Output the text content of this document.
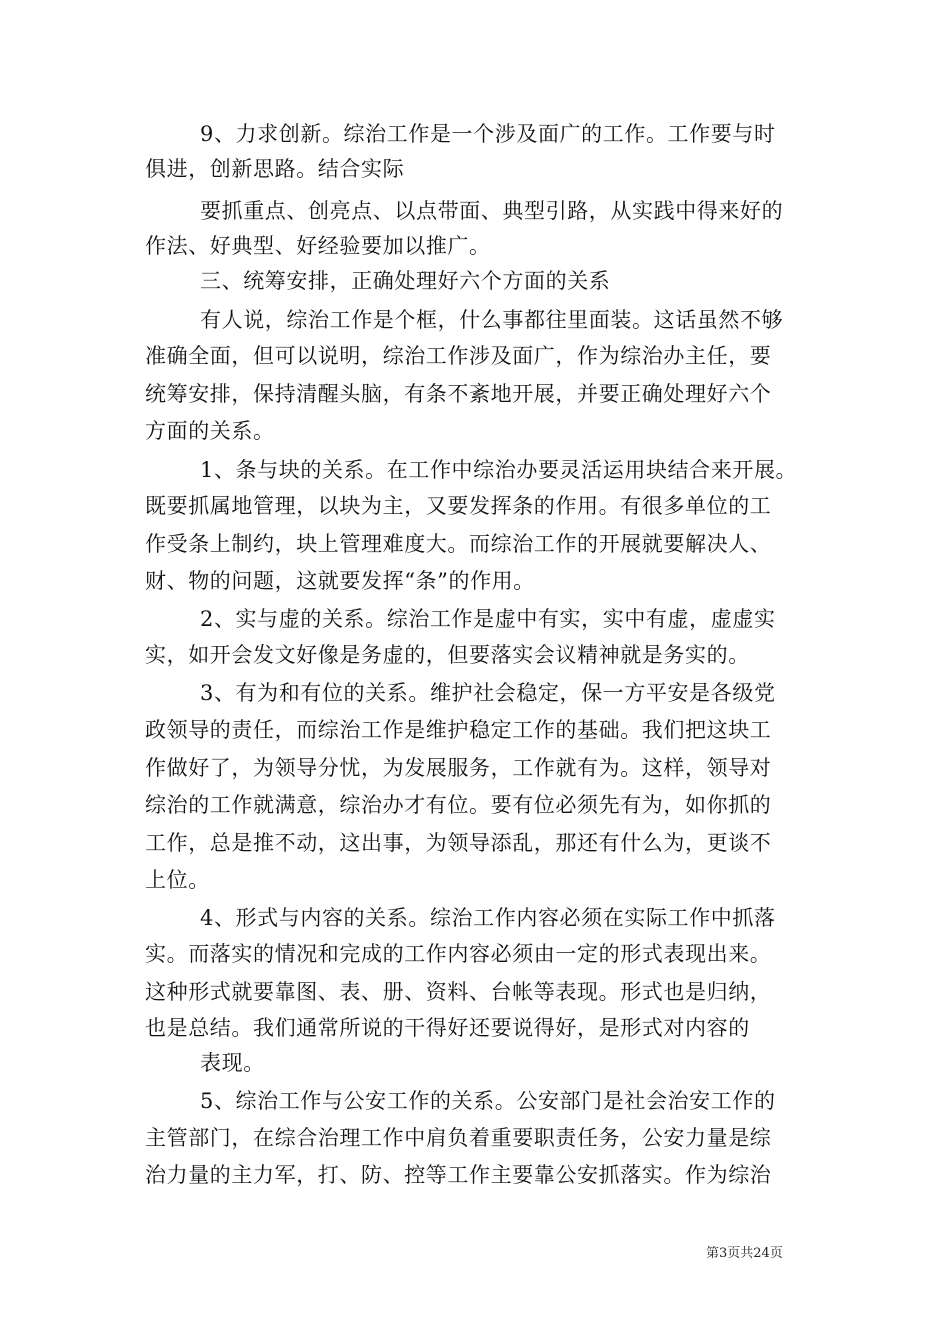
9、力求创新。综治工作是一个涉及面广的工作。工作要与时
俱进，创新思路。结合实际
要抓重点、创亮点、以点带面、典型引路，从实践中得来好的
作法、好典型、好经验要加以推广。
三、统筹安排，正确处理好六个方面的关系
有人说，综治工作是个框，什么事都往里面装。这话虽然不够
准确全面，但可以说明，综治工作涉及面广，作为综治办主任，要
统筹安排，保持清醒头脑，有条不紊地开展，并要正确处理好六个
方面的关系。
1、条与块的关系。在工作中综治办要灵活运用块结合来开展。
既要抓属地管理，以块为主，又要发挥条的作用。有很多单位的工
作受条上制约，块上管理难度大。而综治工作的开展就要解决人、
财、物的问题，这就要发挥“条”的作用。
2、实与虚的关系。综治工作是虚中有实，实中有虚，虚虚实
实，如开会发文好像是务虚的，但要落实会议精神就是务实的。
3、有为和有位的关系。维护社会稳定，保一方平安是各级党
政领导的责任，而综治工作是维护稳定工作的基础。我们把这块工
作做好了，为领导分忧，为发展服务，工作就有为。这样，领导对
综治的工作就满意，综治办才有位。要有位必须先有为，如你抓的
工作，总是推不动，这出事，为领导添乱，那还有什么为，更谈不
上位。
4、形式与内容的关系。综治工作内容必须在实际工作中抓落
实。而落实的情况和完成的工作内容必须由一定的形式表现出来。
这种形式就要靠图、表、册、资料、台帐等表现。形式也是归纳，
也是总结。我们通常所说的干得好还要说得好，是形式对内容的
表现。
5、综治工作与公安工作的关系。公安部门是社会治安工作的
主管部门，在综合治理工作中肩负着重要职责任务，公安力量是综
治力量的主力军，打、防、控等工作主要靠公安抓落实。作为综治
第3页共24页
